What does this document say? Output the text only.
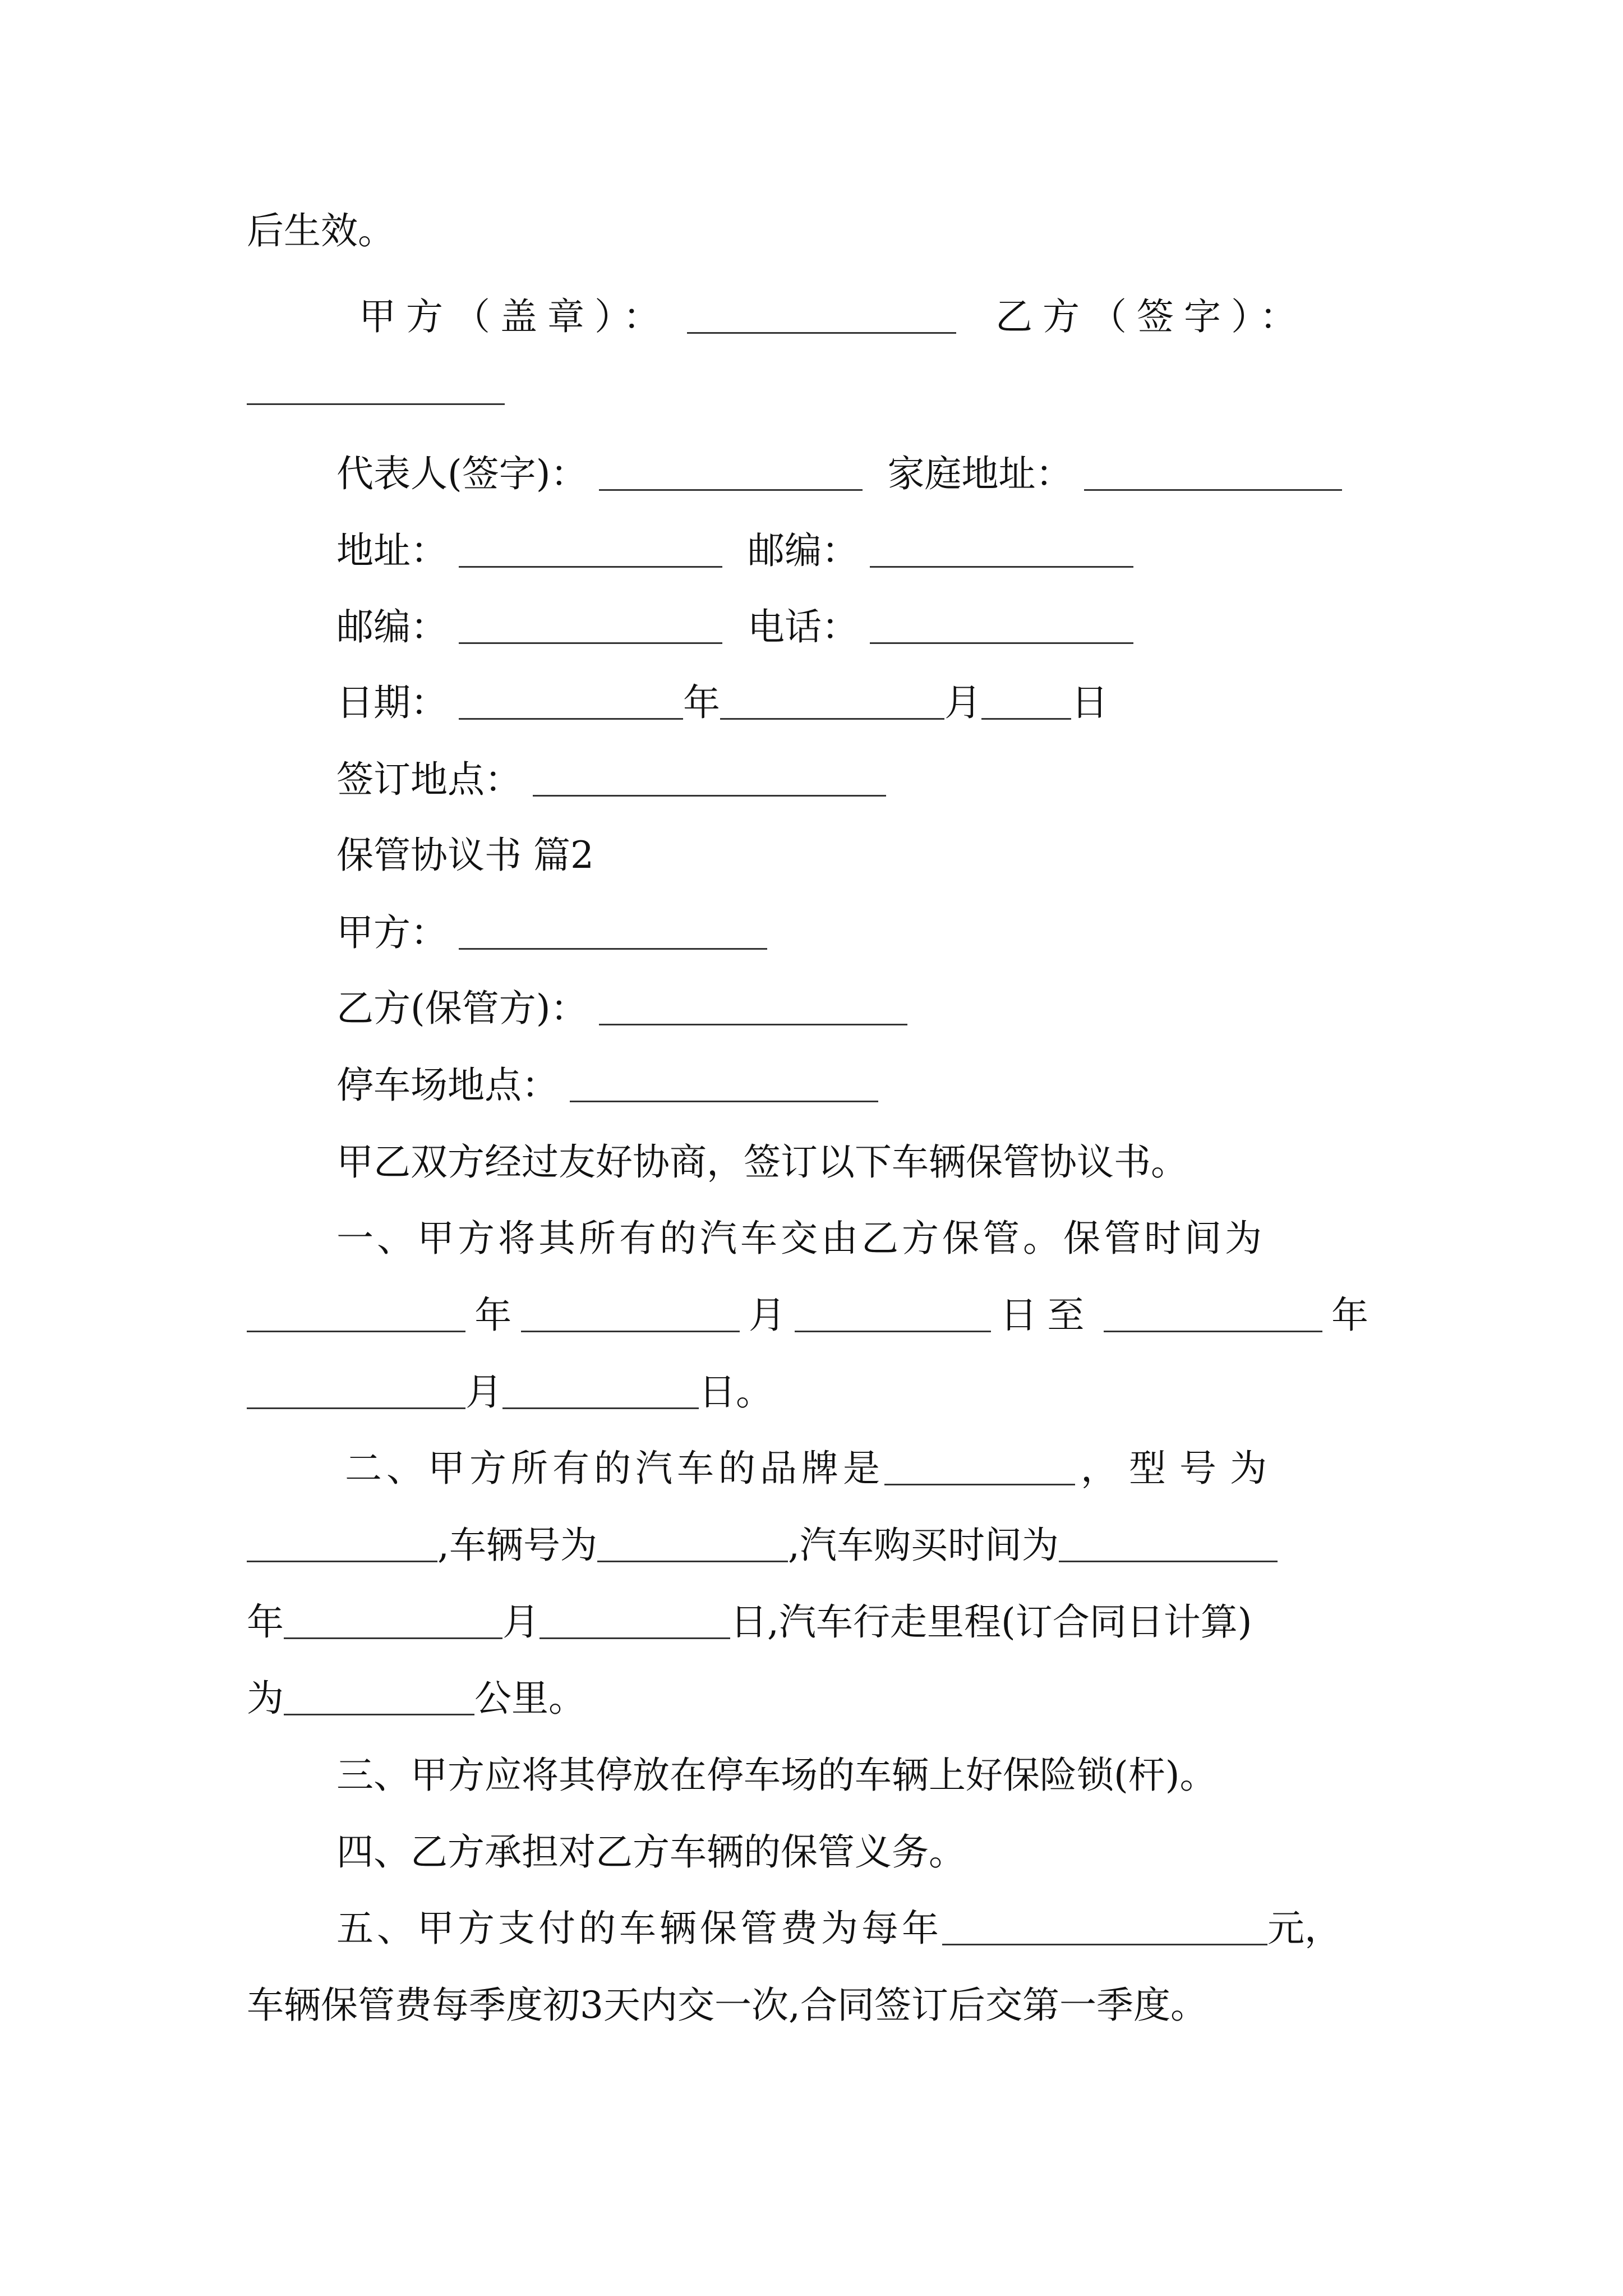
后生效。
甲方（盖章）：	乙方（签字）：
代表人(签字)：	家庭地址：
地址：	邮编：
邮编：	电话：
日期：	年	月 日
签订地点：
保管协议书 篇2
甲方：
乙方(保管方)：
停车场地点：
甲乙双方经过友好协商，签订以下车辆保管协议书。
一、甲方将其所有的汽车交由乙方保管。保管时间为
年	月	日至	年
月	日。
二、甲方所有的汽车的品牌是	， 型号为
,车辆号为	,汽车购买时间为
年	月	日,汽车行走里程(订合同日计算)
为	公里。
三、甲方应将其停放在停车场的车辆上好保险锁(杆)。
四、乙方承担对乙方车辆的保管义务。
五、甲方支付的车辆保管费为每年	元，
车辆保管费每季度初3天内交一次,合同签订后交第一季度。
